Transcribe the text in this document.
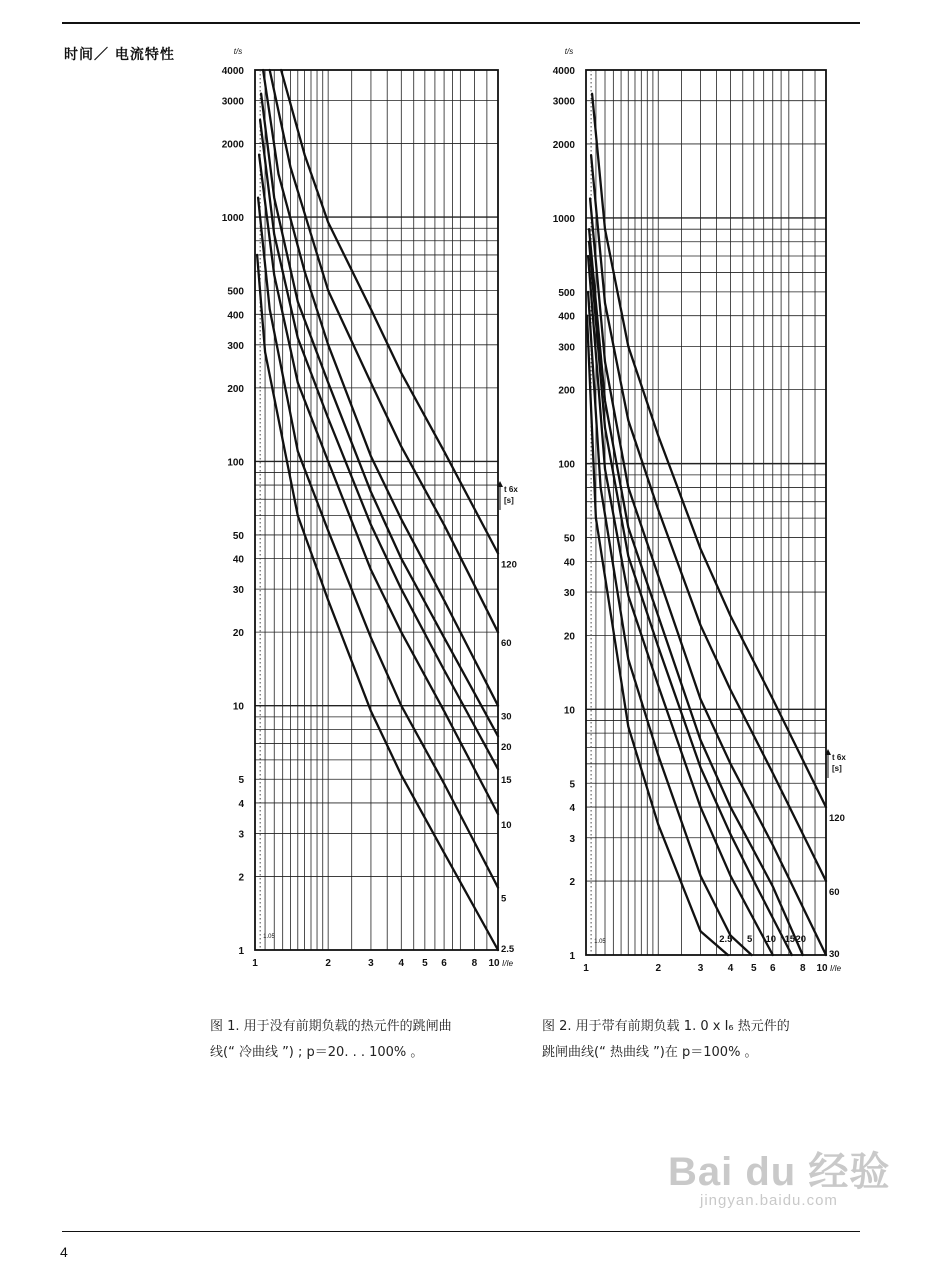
时间／ 电流特性
1.05
4000
3000
2000
1000
500
400
300
200
100
50
40
30
20
10
5
4
3
2
1
t/s
1	2	3 4 5 6 8 10 I/Ie
t 6x
[s]
120
60
30
20
15
10
5
2.5
1.05
4000
3000
2000
1000
500
400
300
200
100
50
40
30
20
10
5
4
3
2
1
t/s
1	2	3 4 5 6 8 10 I/Ie
t 6x
[s]
120
60
30
20
15
10
5
2.5
图 1. 用于没有前期负载的热元件的跳闸曲
线(“ 冷曲线 ”) ; p＝20. . . 100% 。
图 2. 用于带有前期负载 1. 0 x I₆ 热元件的
跳闸曲线(“ 热曲线 ”)在 p＝100% 。
Bai du 经验
jingyan.baidu.com
4
